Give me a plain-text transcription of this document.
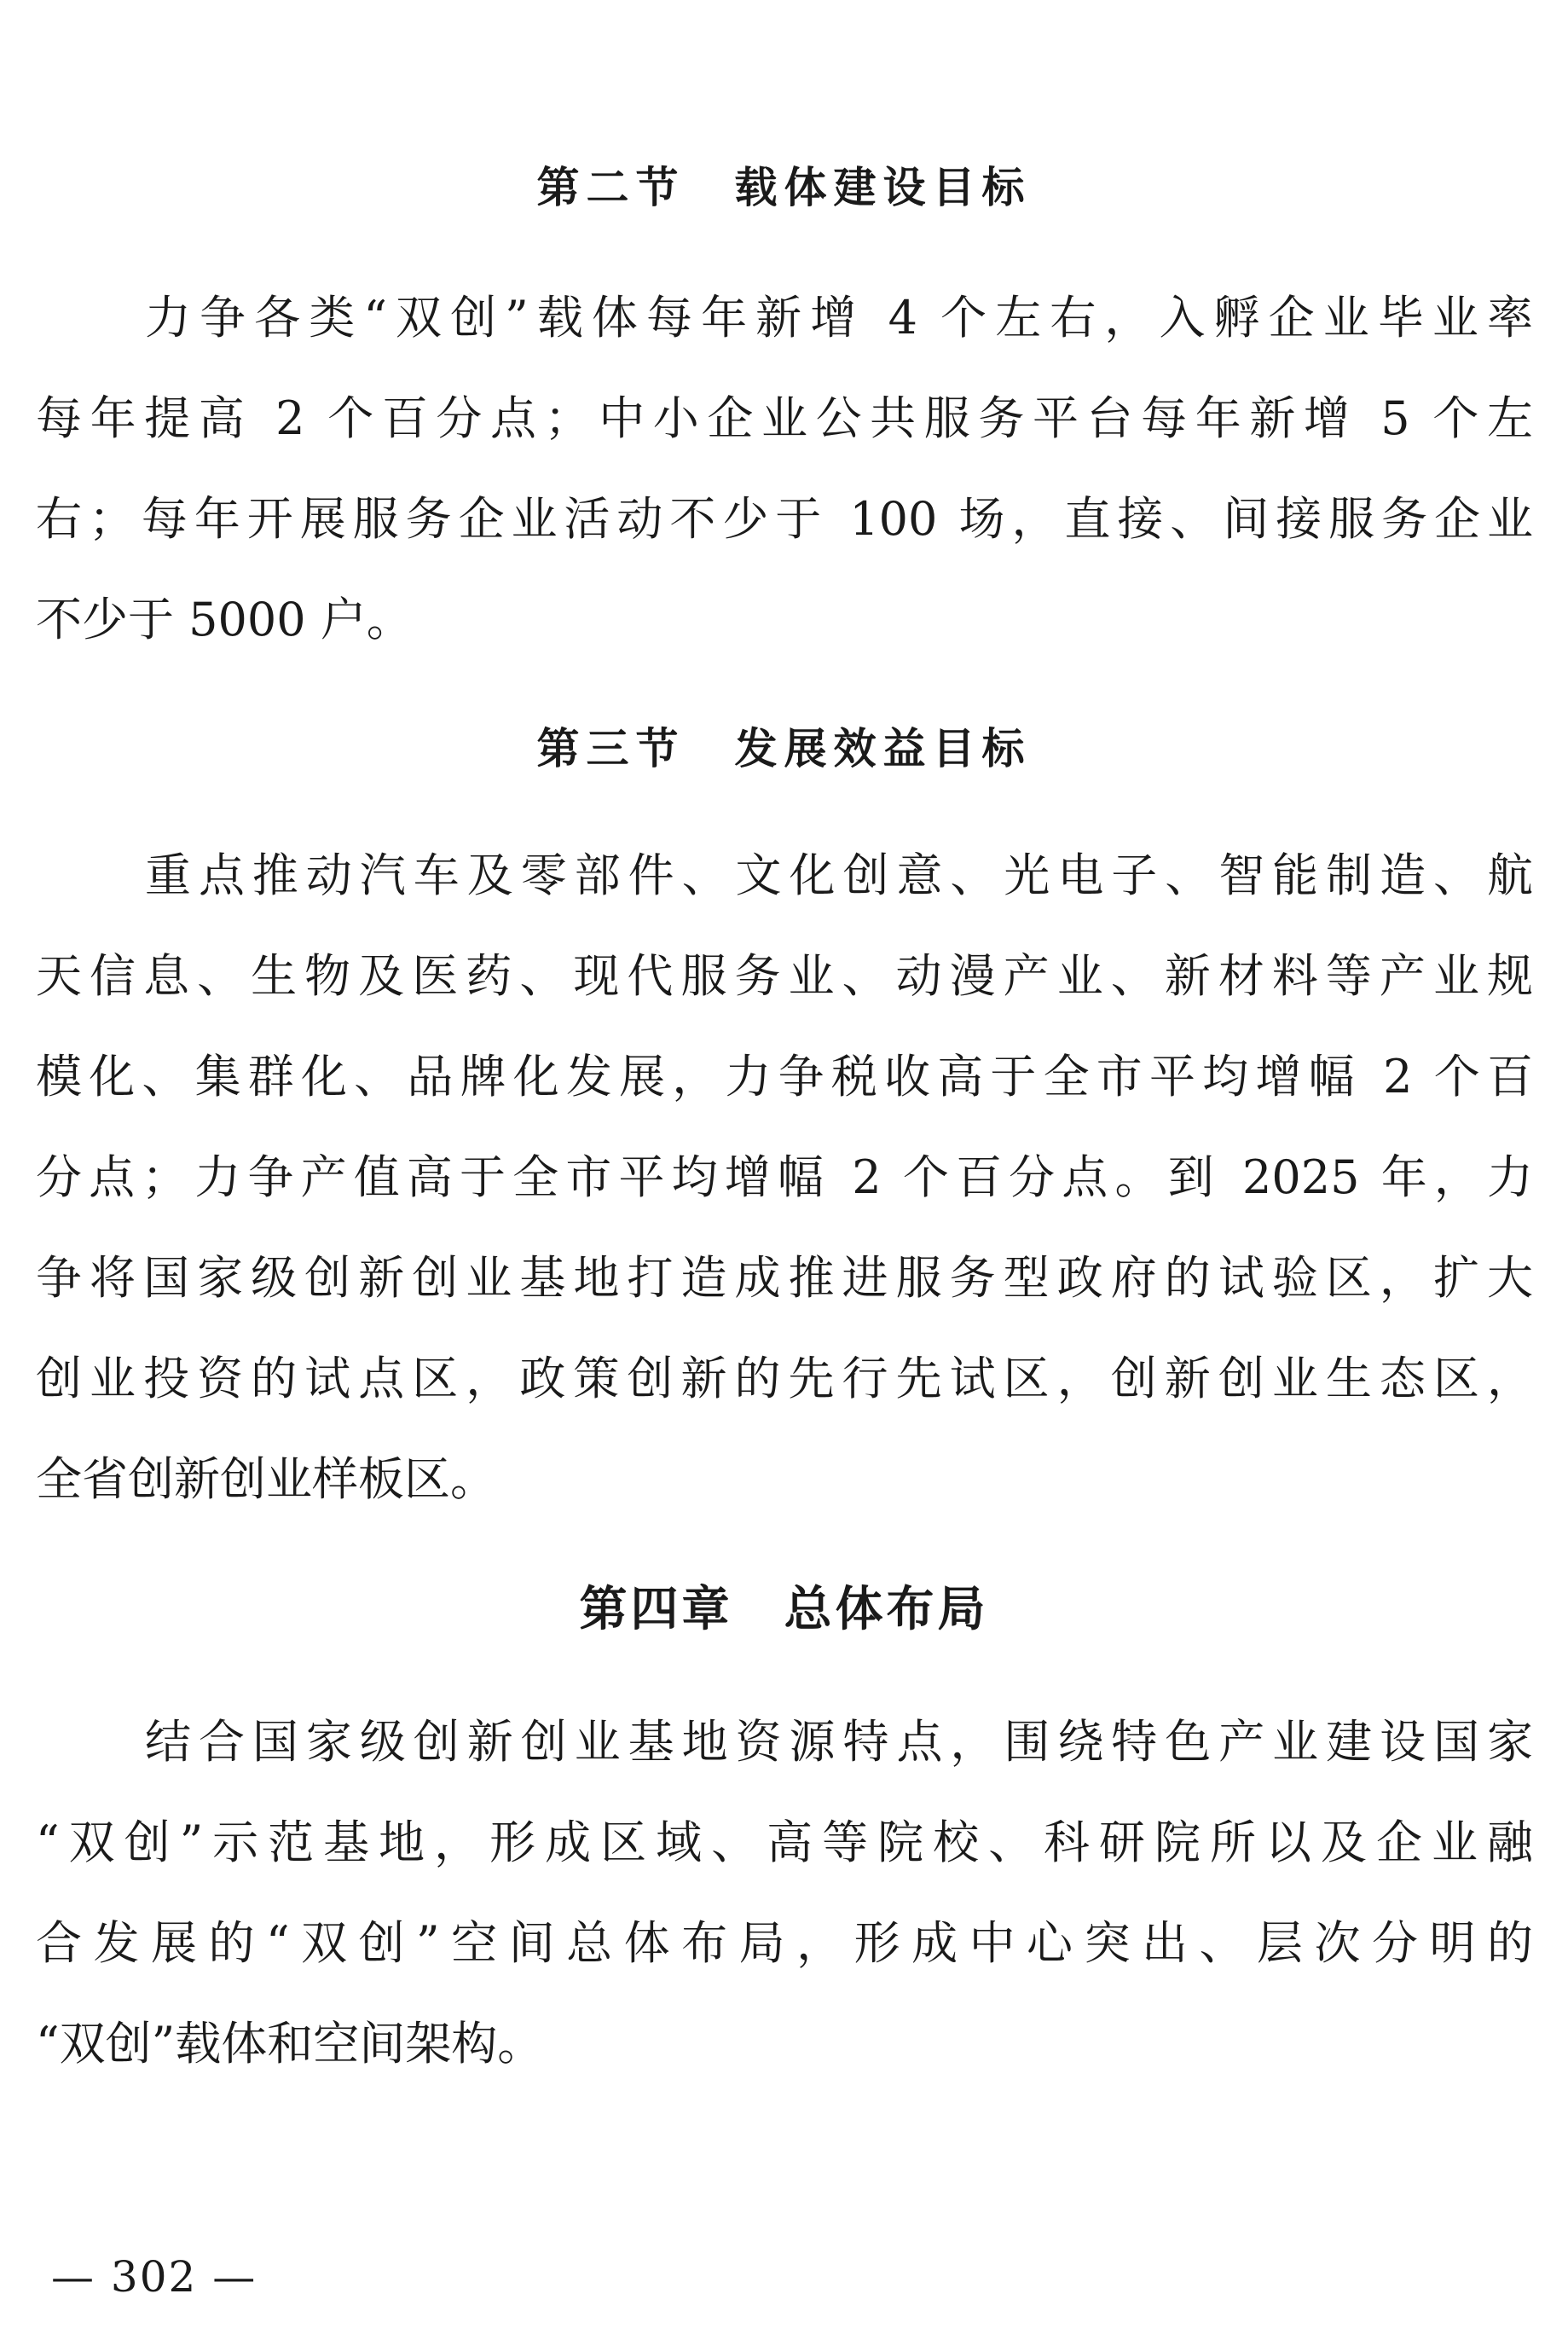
第二节　载体建设目标
力争各类“双创”载体每年新增 4 个左右，入孵企业毕业率
每年提高 2 个百分点；中小企业公共服务平台每年新增 5 个左
右；每年开展服务企业活动不少于 100 场，直接、间接服务企业
不少于 5000 户。
第三节　发展效益目标
重点推动汽车及零部件、文化创意、光电子、智能制造、航
天信息、生物及医药、现代服务业、动漫产业、新材料等产业规
模化、集群化、品牌化发展，力争税收高于全市平均增幅 2 个百
分点；力争产值高于全市平均增幅 2 个百分点。到 2025 年，力
争将国家级创新创业基地打造成推进服务型政府的试验区，扩大
创业投资的试点区，政策创新的先行先试区，创新创业生态区，
全省创新创业样板区。
第四章　总体布局
结合国家级创新创业基地资源特点，围绕特色产业建设国家
“双创”示范基地，形成区域、高等院校、科研院所以及企业融
合发展的“双创”空间总体布局，形成中心突出、层次分明的
“双创”载体和空间架构。
— 302 —
